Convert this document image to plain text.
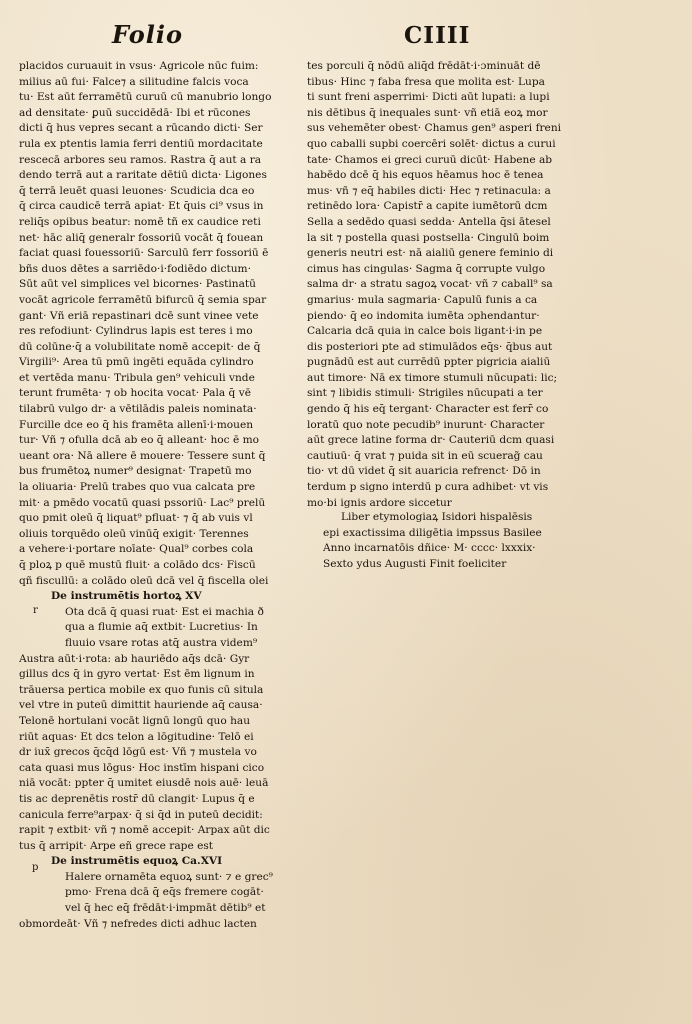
Folio	CIIII
placidos curuauit in vsus· Agricole nūc fuim:
milius aū fui· Falce⁊ a silitudine falcis voca
tu· Est aūt ferramētū curuū cū manubrio longo
ad densitate· ꝑuū succidēdā· Ibi et rūcones
dicti q̄ hus vepres secant a rūcando dicti· Ser
rula ex ptentis lamia ferri dentiū mordacitate
rescecā arbores seu ramos. Rastra q̄ aut a ra
dendo terrā aut a raritate dētiū dicta· Ligones
q̄ terrā leuēt quasi leuones· Scudicia dca eo
q̄ circa caudicē terrā apiat· Et q̄uis ci⁹ vsus in
reliq̄s opibus beatur: nomē tñ ex caudice reti
net· hāc aliq̄ generalr fossoriū vocāt q̄ fouean
faciat quasi fouessoriū· Sarculū ferr fossoriū ē
bñs duos dētes a sarriēdo·i·fodiēdo dictum·
Sūt aūt vel simplices vel bicornes· Pastinatū
vocāt agricole ferramētū bifurcū q̄ semia spar
gant· Vñ eriā repastinari dcē sunt vinee vete
res refodiunt· Cylindrus lapis est teres i mo
dū colūne·q̄ a volubilitate nomē accepit· de q̄
Virgili⁹· Area tū pmū ingēti equāda cylindro
et vertēda manu· Tribula gen⁹ vehiculi vnde
terunt frumēta· ⁊ ob hocita vocat· Pala q̄ vē
tilabrū vulgo dr· a vētilādis paleis nominata·
Furcille dce eo q̄ his framēta allenī·i·mouen
tur· Vñ ⁊ ofulla dcā ab eo q̄ alleant· hoc ē mo
ueant ora· Nā allere ē mouere· Tessere sunt q̄
bus frumētoꝝ numer⁹ designat· Trapetū mo
la oliuaria· Prelū trabes quo vua calcata pre
mit· a pmēdo vocatū quasi pssoriū· Lac⁹ prelū
quo pmit oleū q̄ liquat⁹ pfluat· ⁊ q̄ ab vuis vl
oliuis torquēdo oleū vinūq̄ exigit· Terennes
a vehere·i·portare noīate· Qual⁹ corbes cola
q̄ ploꝝ p quē mustū fluit· a colādo dcs· Fiscū
qñ fiscullū: a colādo oleū dcā vel q̄ fiscella olei
De instrumētis hortoꝝ XV
Ota dcā q̄ quasi ruat· Est ei machia ð
qua a flumie aq̄ extbit· Lucretius· In
fluuio vsare rotas atq̄ austra videm⁹
Austra aūt·i·rota: ab hauriēdo aq̄s dcā· Gyr
gillus dcs q̄ in gyro vertat· Est ēm lignum in
trāuersa pertica mobile ex quo funis cū situla
vel vtre in puteū dimittit hauriende aq̄ causa·
Telonē hortulani vocāt lignū longū quo hau
riūt aquas· Et dcs telon a lōgitudine· Telō ei
dr iux̄ grecos q̄cq̄d lōgū est· Vñ ⁊ mustela vo
cata quasi mus lōgus· Hoc instīm hispani cico
niā vocāt: ppter q̄ umitet eiusdē nois auē· leuā
tis ac deprenētis rostr̄ dū clangit· Lupus q̄ e
canicula ferre⁹arpax· q̄ si q̄d in puteū decidit:
rapit ⁊ extbit· vñ ⁊ nomē accepit· Arpax aūt dic
tus q̄ arripit· Arpe eñ grece rape est
De instrumētis equoꝝ Ca.XVI
Halere ornamēta equoꝝ sunt· ⁊ e grec⁹
pmo· Frena dcā q̄ eq̄s fremere cogāt·
vel q̄ hec eq̄ frēdāt·i·impmāt dētib⁹ et
obmordeāt· Vñ ⁊ nefredes dicti adhuc lacten
r
p
tes porculi q̄ nōdū aliq̄d frēdāt·i·ɔminuāt dē
tibus· Hinc ⁊ faba fresa que molita est· Lupa
ti sunt freni asperrimi· Dicti aūt lupati: a lupi
nis dētibus q̄ inequales sunt· vñ etiā eoꝝ mor
sus vehemēter obest· Chamus gen⁹ asperi freni
quo caballi supbi coercēri solēt· dictus a curui
tate· Chamos ei greci curuū dicūt· Habene ab
habēdo dcē q̄ his equos hēamus hoc ē tenea
mus· vñ ⁊ eq̄ habiles dicti· Hec ⁊ retinacula: a
retinēdo lora· Capistr̄ a capite iumētorū dcm
Sella a sedēdo quasi sedda· Antella q̄si ātesel
la sit ⁊ postella quasi postsella· Cingulū boim
generis neutri est· nā aialiū genere feminio di
cimus has cingulas· Sagma q̄ corrupte vulgo
salma dr· a stratu sagoꝝ vocat· vñ ⁊ caball⁹ sa
gmarius· mula sagmaria· Capulū funis a ca
piendo· q̄ eo indomita iumēta ɔphendantur·
Calcaria dcā quia in calce bois ligant·i·in pe
dis posteriori pte ad stimulādos eq̄s· q̄bus aut
pugnādū est aut currēdū ppter pigricia aialiū
aut timore· Nā ex timore stumuli nūcupati: lic;
sint ⁊ libidis stimuli· Strigiles nūcupati a ter
gendo q̄ his eq̄ tergant· Character est ferr̄ co
loratū quo note pecudib⁹ inurunt· Character
aūt grece latine forma dr· Cauteriū dcm quasi
cautiuū· q̄ vrat ⁊ puida sit in eū scuerag̃ cau
tio· vt dū videt q̄ sit auaricia refrenct· Dō in
terdum p signo interdū p cura adhibet· vt vis
mo·bi ignis ardore siccetur
Liber etymologiaꝝ Isidori hispalēsis
epi exactissima diligētia impssus Basilee
Anno incarnatōis dñice· M· cccc· lxxxix·
Sexto ydus Augusti Finit foeliciter
